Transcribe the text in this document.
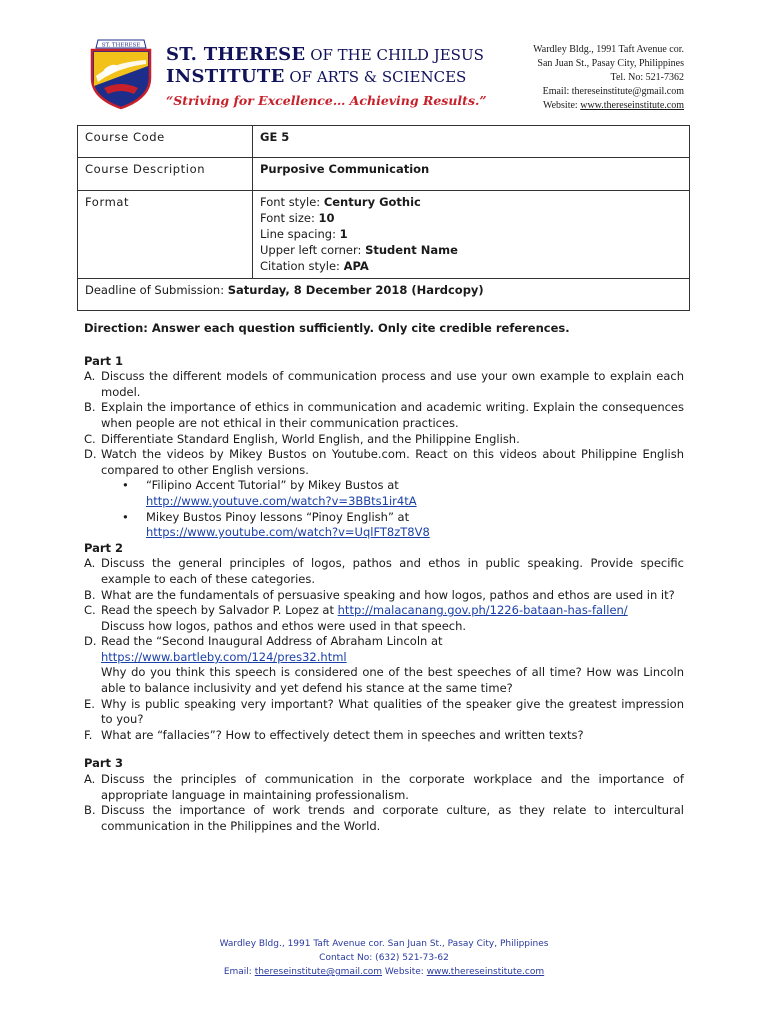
ST. THERESE ST. THERESE OF THE CHILD JESUS
INSTITUTE OF ARTS & SCIENCES
“Striving for Excellence… Achieving Results.”
Wardley Bldg., 1991 Taft Avenue cor.
San Juan St., Pasay City, Philippines
Tel. No: 521-7362
Email: thereseinstitute@gmail.com
Website: www.thereseinstitute.com
Course Code	GE 5
Course Description	Purposive Communication
Format	Font style: Century Gothic
Font size: 10
Line spacing: 1
Upper left corner: Student Name
Citation style: APA

Deadline of Submission: Saturday, 8 December 2018 (Hardcopy)	

Direction: Answer each question sufficiently. Only cite credible references.

Part 1

A. Discuss the different models of communication process and use your own example to explain each model.
B. Explain the importance of ethics in communication and academic writing. Explain the consequences when people are not ethical in their communication practices.
C. Differentiate Standard English, World English, and the Philippine English.
D. Watch the videos by Mikey Bustos on Youtube.com. React on this videos about Philippine English compared to other English versions.
• “Filipino Accent Tutorial” by Mikey Bustos at
http://www.youtuve.com/watch?v=3BBts1ir4tA
• Mikey Bustos Pinoy lessons “Pinoy English” at
https://www.youtube.com/watch?v=UqlFT8zT8V8

Part 2

A. Discuss the general principles of logos, pathos and ethos in public speaking. Provide specific example to each of these categories.
B. What are the fundamentals of persuasive speaking and how logos, pathos and ethos are used in it?
C. Read the speech by Salvador P. Lopez at http://malacanang.gov.ph/1226-bataan-has-fallen/
Discuss how logos, pathos and ethos were used in that speech.
D. Read the “Second Inaugural Address of Abraham Lincoln at
https://www.bartleby.com/124/pres32.html
Why do you think this speech is considered one of the best speeches of all time? How was Lincoln able to balance inclusivity and yet defend his stance at the same time?
E. Why is public speaking very important? What qualities of the speaker give the greatest impression to you?
F. What are “fallacies”? How to effectively detect them in speeches and written texts?

Part 3

A. Discuss the principles of communication in the corporate workplace and the importance of appropriate language in maintaining professionalism.
B. Discuss the importance of work trends and corporate culture, as they relate to intercultural communication in the Philippines and the World.
Wardley Bldg., 1991 Taft Avenue cor. San Juan St., Pasay City, Philippines
Contact No: (632) 521-73-62
Email: thereseinstitute@gmail.com Website: www.thereseinstitute.com
